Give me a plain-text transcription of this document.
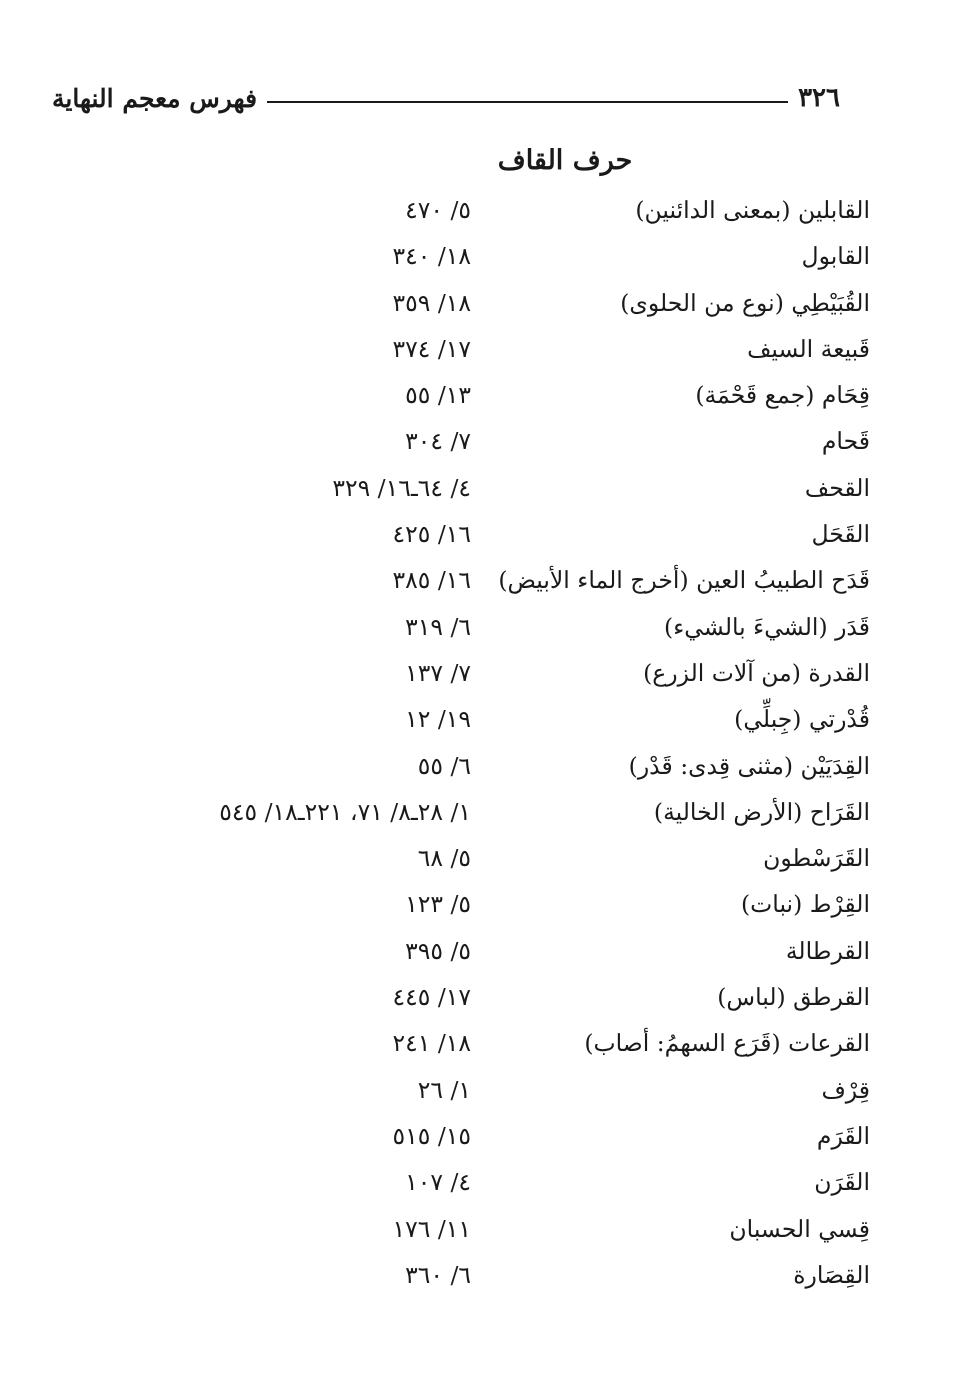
٣٢٦
فهرس معجم النهاية
حرف القاف
القابلين (بمعنى الدائنين)
٥/ ٤٧٠
القابول
١٨/ ٣٤٠
القُبَيْطِي (نوع من الحلوى)
١٨/ ٣٥٩
قَبيعة السيف
١٧/ ٣٧٤
قِحَام (جمع قَحْمَة)
١٣/ ٥٥
قَحام
٧/ ٣٠٤
القحف
٤/ ٦٤ـ١٦/ ٣٢٩
القَحَل
١٦/ ٤٢٥
قَدَح الطبيبُ العين (أخرج الماء الأبيض)
١٦/ ٣٨٥
قَدَر (الشيءَ بالشيء)
٦/ ٣١٩
القدرة (من آلات الزرع)
٧/ ١٣٧
قُدْرتي (جِبلِّي)
١٩/ ١٢
القِدَيَيْن (مثنى قِدى: قَدْر)
٦/ ٥٥
القَرَاح (الأرض الخالية)
١/ ٢٨ـ٨/ ٧١، ٢٢١ـ١٨/ ٥٤٥
القَرَسْطون
٥/ ٦٨
القِرْط (نبات)
٥/ ١٢٣
القرطالة
٥/ ٣٩٥
القرطق (لباس)
١٧/ ٤٤٥
القرعات (قَرَع السهمُ: أصاب)
١٨/ ٢٤١
قِرْف
١/ ٢٦
القَرَم
١٥/ ٥١٥
القَرَن
٤/ ١٠٧
قِسي الحسبان
١١/ ١٧٦
القِصَارة
٦/ ٣٦٠
